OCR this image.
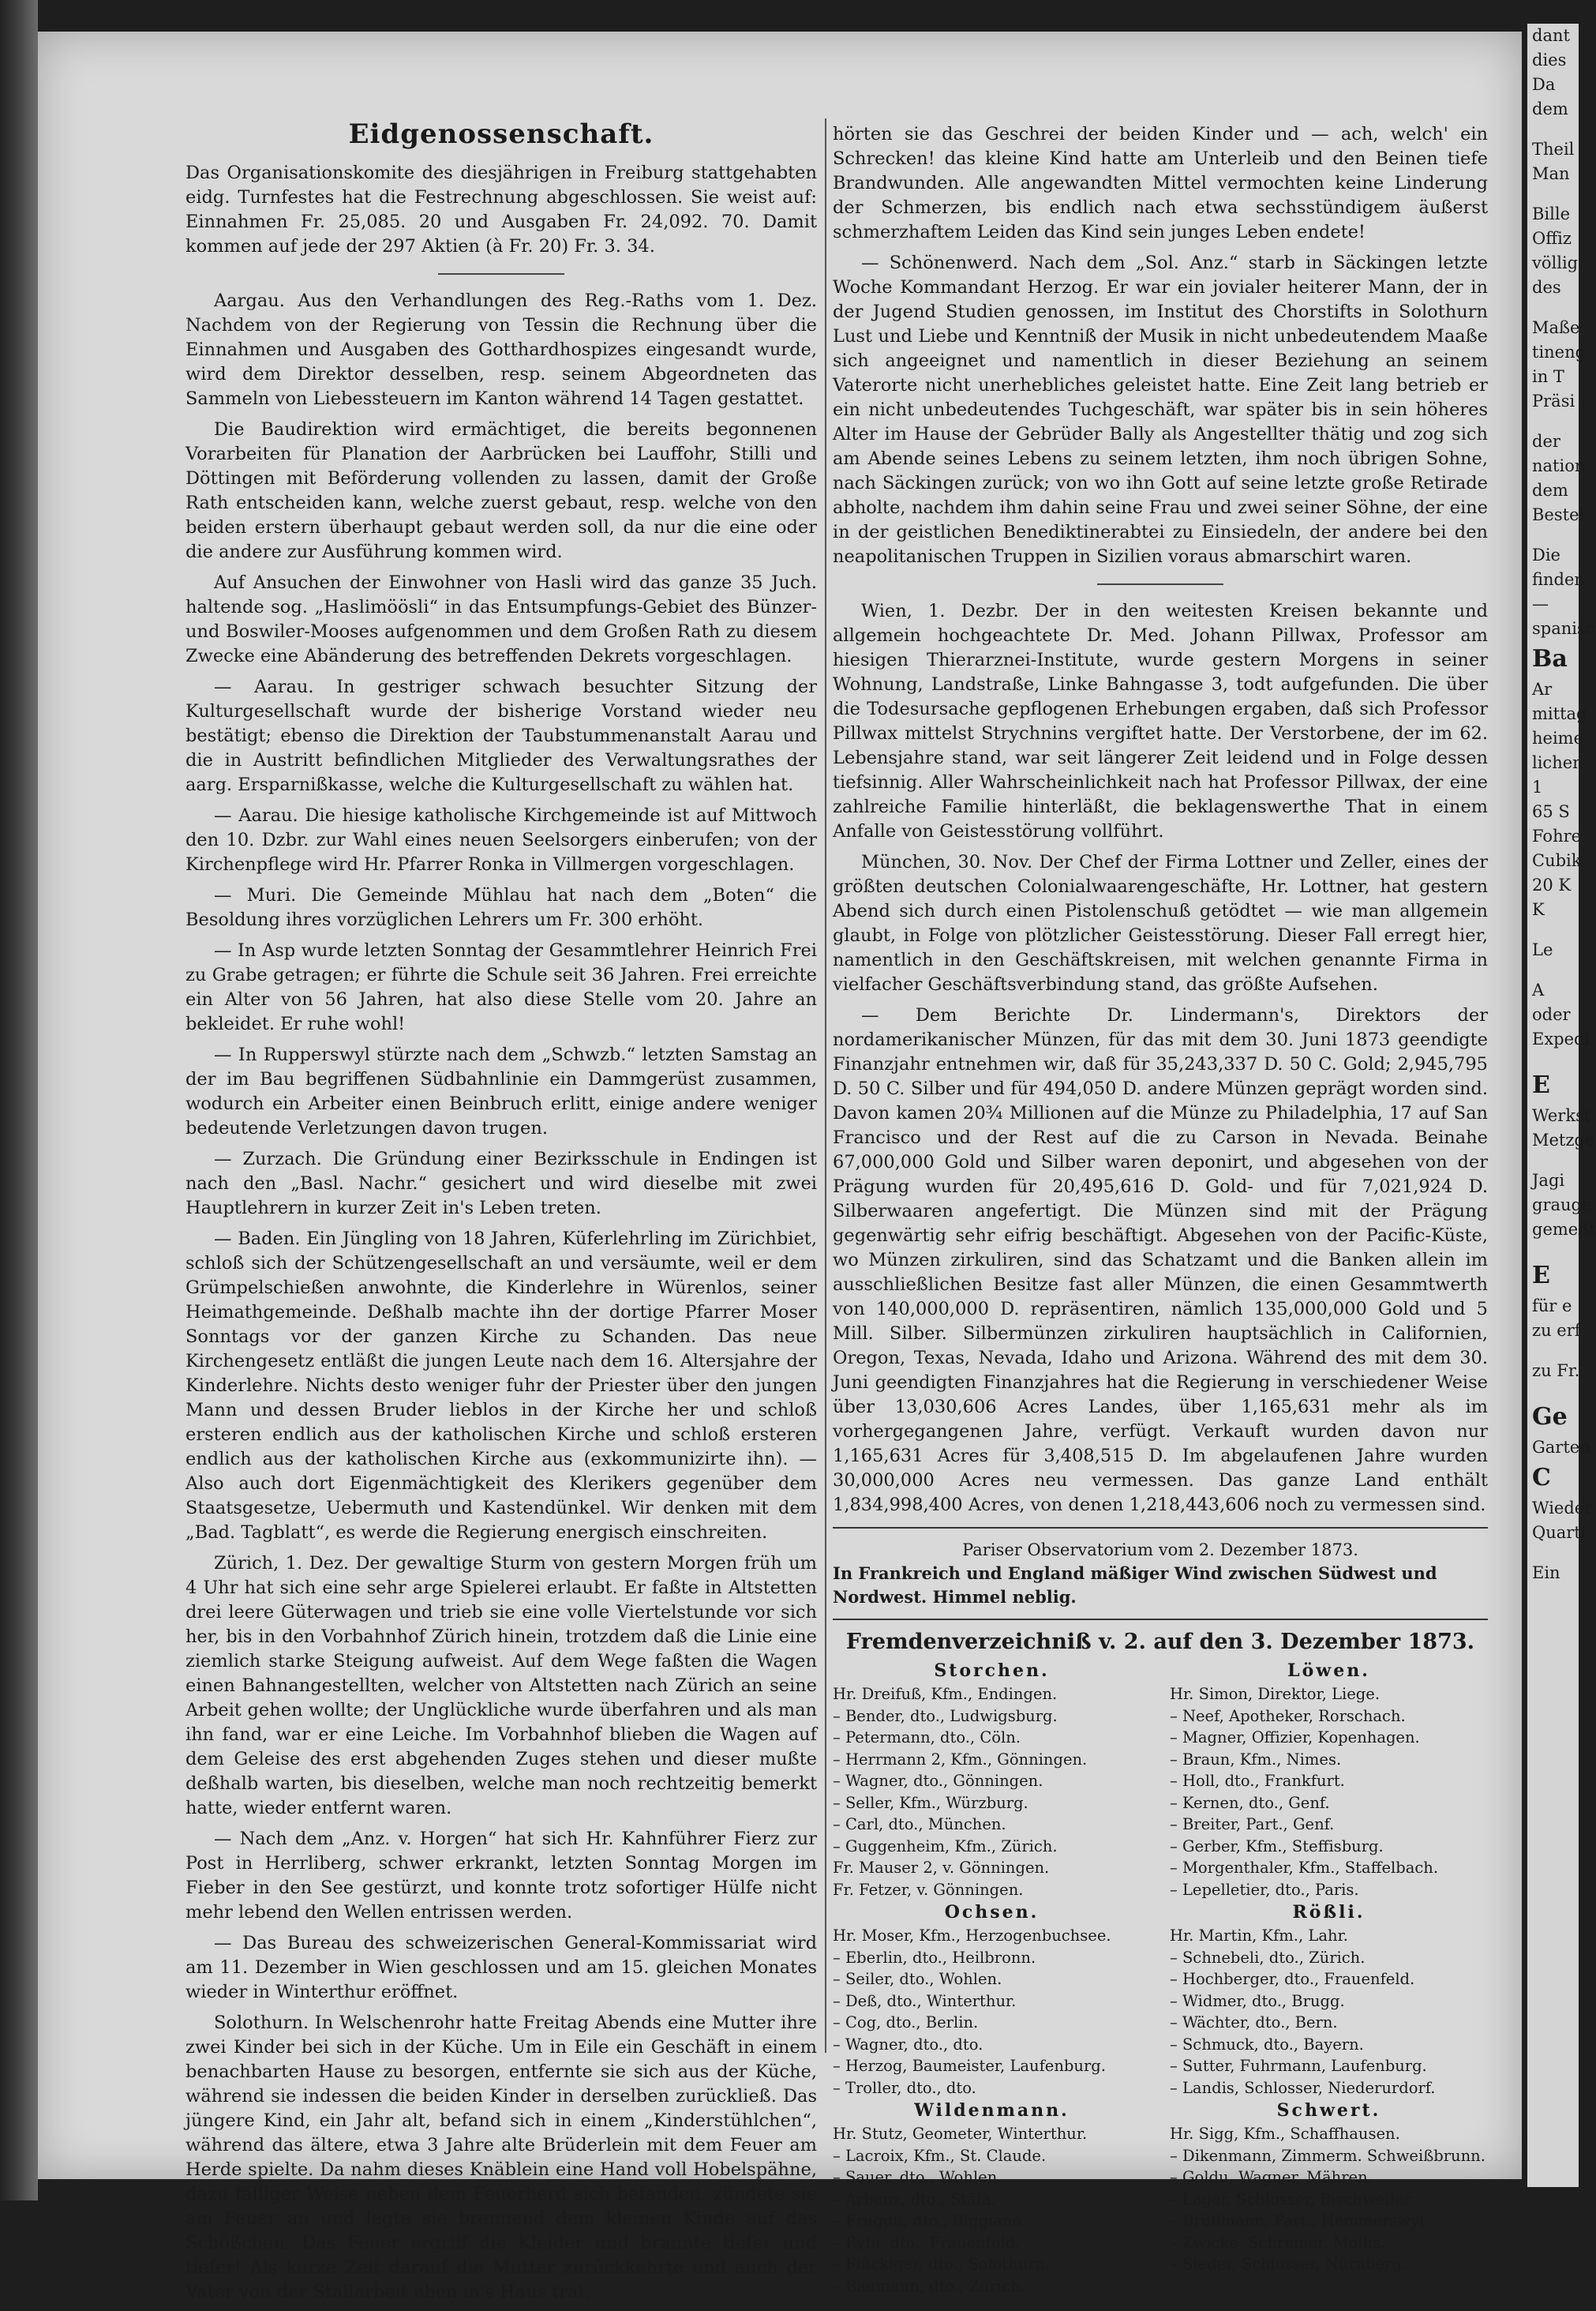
Eidgenossenschaft.

Das Organisationskomite des diesjährigen in Freiburg stattgehabten eidg. Turnfestes hat die Festrechnung abgeschlossen. Sie weist auf: Einnahmen Fr. 25,085. 20 und Ausgaben Fr. 24,092. 70. Damit kommen auf jede der 297 Aktien (à Fr. 20) Fr. 3. 34.

Aargau. Aus den Verhandlungen des Reg.-Raths vom 1. Dez. Nachdem von der Regierung von Tessin die Rechnung über die Einnahmen und Ausgaben des Gotthardhospizes eingesandt wurde, wird dem Direktor desselben, resp. seinem Abgeordneten das Sammeln von Liebessteuern im Kanton während 14 Tagen gestattet.

Die Baudirektion wird ermächtiget, die bereits begonnenen Vorarbeiten für Planation der Aarbrücken bei Lauffohr, Stilli und Döttingen mit Beförderung vollenden zu lassen, damit der Große Rath entscheiden kann, welche zuerst gebaut, resp. welche von den beiden erstern überhaupt gebaut werden soll, da nur die eine oder die andere zur Ausführung kommen wird.

Auf Ansuchen der Einwohner von Hasli wird das ganze 35 Juch. haltende sog. „Haslimöösli“ in das Entsumpfungs-Gebiet des Bünzer- und Boswiler-Mooses aufgenommen und dem Großen Rath zu diesem Zwecke eine Abänderung des betreffenden Dekrets vorgeschlagen.

— Aarau. In gestriger schwach besuchter Sitzung der Kulturgesellschaft wurde der bisherige Vorstand wieder neu bestätigt; ebenso die Direktion der Taubstummenanstalt Aarau und die in Austritt befindlichen Mitglieder des Verwaltungsrathes der aarg. Ersparnißkasse, welche die Kulturgesellschaft zu wählen hat.

— Aarau. Die hiesige katholische Kirchgemeinde ist auf Mittwoch den 10. Dzbr. zur Wahl eines neuen Seelsorgers einberufen; von der Kirchenpflege wird Hr. Pfarrer Ronka in Villmergen vorgeschlagen.

— Muri. Die Gemeinde Mühlau hat nach dem „Boten“ die Besoldung ihres vorzüglichen Lehrers um Fr. 300 erhöht.

— In Asp wurde letzten Sonntag der Gesammtlehrer Heinrich Frei zu Grabe getragen; er führte die Schule seit 36 Jahren. Frei erreichte ein Alter von 56 Jahren, hat also diese Stelle vom 20. Jahre an bekleidet. Er ruhe wohl!

— In Rupperswyl stürzte nach dem „Schwzb.“ letzten Samstag an der im Bau begriffenen Südbahnlinie ein Dammgerüst zusammen, wodurch ein Arbeiter einen Beinbruch erlitt, einige andere weniger bedeutende Verletzungen davon trugen.

— Zurzach. Die Gründung einer Bezirksschule in Endingen ist nach den „Basl. Nachr.“ gesichert und wird dieselbe mit zwei Hauptlehrern in kurzer Zeit in's Leben treten.

— Baden. Ein Jüngling von 18 Jahren, Küferlehrling im Zürichbiet, schloß sich der Schützengesellschaft an und versäumte, weil er dem Grümpelschießen anwohnte, die Kinderlehre in Würenlos, seiner Heimathgemeinde. Deßhalb machte ihn der dortige Pfarrer Moser Sonntags vor der ganzen Kirche zu Schanden. Das neue Kirchengesetz entläßt die jungen Leute nach dem 16. Altersjahre der Kinderlehre. Nichts desto weniger fuhr der Priester über den jungen Mann und dessen Bruder lieblos in der Kirche her und schloß ersteren endlich aus der katholischen Kirche und schloß ersteren endlich aus der katholischen Kirche aus (exkommunizirte ihn). — Also auch dort Eigenmächtigkeit des Klerikers gegenüber dem Staatsgesetze, Uebermuth und Kastendünkel. Wir denken mit dem „Bad. Tagblatt“, es werde die Regierung energisch einschreiten.

Zürich, 1. Dez. Der gewaltige Sturm von gestern Morgen früh um 4 Uhr hat sich eine sehr arge Spielerei erlaubt. Er faßte in Altstetten drei leere Güterwagen und trieb sie eine volle Viertelstunde vor sich her, bis in den Vorbahnhof Zürich hinein, trotzdem daß die Linie eine ziemlich starke Steigung aufweist. Auf dem Wege faßten die Wagen einen Bahnangestellten, welcher von Altstetten nach Zürich an seine Arbeit gehen wollte; der Unglückliche wurde überfahren und als man ihn fand, war er eine Leiche. Im Vorbahnhof blieben die Wagen auf dem Geleise des erst abgehenden Zuges stehen und dieser mußte deßhalb warten, bis dieselben, welche man noch rechtzeitig bemerkt hatte, wieder entfernt waren.

— Nach dem „Anz. v. Horgen“ hat sich Hr. Kahnführer Fierz zur Post in Herrliberg, schwer erkrankt, letzten Sonntag Morgen im Fieber in den See gestürzt, und konnte trotz sofortiger Hülfe nicht mehr lebend den Wellen entrissen werden.

— Das Bureau des schweizerischen General-Kommissariat wird am 11. Dezember in Wien geschlossen und am 15. gleichen Monates wieder in Winterthur eröffnet.

Solothurn. In Welschenrohr hatte Freitag Abends eine Mutter ihre zwei Kinder bei sich in der Küche. Um in Eile ein Geschäft in einem benachbarten Hause zu besorgen, entfernte sie sich aus der Küche, während sie indessen die beiden Kinder in derselben zurückließ. Das jüngere Kind, ein Jahr alt, befand sich in einem „Kinderstühlchen“, während das ältere, etwa 3 Jahre alte Brüderlein mit dem Feuer am Herde spielte. Da nahm dieses Knäblein eine Hand voll Hobelspähne, dazu fälliger Weise neben dem Feuerherd sich befanden, zündete sie am Feuer an und legte sie brennend dem kleinen Kinde auf das Schößchen. Das Feuer ergriff die Kleider und brannte tiefer und tiefer! Als kurze Zeit darauf die Mutter zurückkehrte und auch der Vater von der Stallarbeit eben in's Haus trat,

hörten sie das Geschrei der beiden Kinder und — ach, welch' ein Schrecken! das kleine Kind hatte am Unterleib und den Beinen tiefe Brandwunden. Alle angewandten Mittel vermochten keine Linderung der Schmerzen, bis endlich nach etwa sechsstündigem äußerst schmerzhaftem Leiden das Kind sein junges Leben endete!

— Schönenwerd. Nach dem „Sol. Anz.“ starb in Säckingen letzte Woche Kommandant Herzog. Er war ein jovialer heiterer Mann, der in der Jugend Studien genossen, im Institut des Chorstifts in Solothurn Lust und Liebe und Kenntniß der Musik in nicht unbedeutendem Maaße sich angeeignet und namentlich in dieser Beziehung an seinem Vaterorte nicht unerhebliches geleistet hatte. Eine Zeit lang betrieb er ein nicht unbedeutendes Tuchgeschäft, war später bis in sein höheres Alter im Hause der Gebrüder Bally als Angestellter thätig und zog sich am Abende seines Lebens zu seinem letzten, ihm noch übrigen Sohne, nach Säckingen zurück; von wo ihn Gott auf seine letzte große Retirade abholte, nachdem ihm dahin seine Frau und zwei seiner Söhne, der eine in der geistlichen Benediktinerabtei zu Einsiedeln, der andere bei den neapolitanischen Truppen in Sizilien voraus abmarschirt waren.

Wien, 1. Dezbr. Der in den weitesten Kreisen bekannte und allgemein hochgeachtete Dr. Med. Johann Pillwax, Professor am hiesigen Thierarznei-Institute, wurde gestern Morgens in seiner Wohnung, Landstraße, Linke Bahngasse 3, todt aufgefunden. Die über die Todesursache gepflogenen Erhebungen ergaben, daß sich Professor Pillwax mittelst Strychnins vergiftet hatte. Der Verstorbene, der im 62. Lebensjahre stand, war seit längerer Zeit leidend und in Folge dessen tiefsinnig. Aller Wahrscheinlichkeit nach hat Professor Pillwax, der eine zahlreiche Familie hinterläßt, die beklagenswerthe That in einem Anfalle von Geistesstörung vollführt.

München, 30. Nov. Der Chef der Firma Lottner und Zeller, eines der größten deutschen Colonialwaarengeschäfte, Hr. Lottner, hat gestern Abend sich durch einen Pistolenschuß getödtet — wie man allgemein glaubt, in Folge von plötzlicher Geistesstörung. Dieser Fall erregt hier, namentlich in den Geschäftskreisen, mit welchen genannte Firma in vielfacher Geschäftsverbindung stand, das größte Aufsehen.

— Dem Berichte Dr. Lindermann's, Direktors der nordamerikanischer Münzen, für das mit dem 30. Juni 1873 geendigte Finanzjahr entnehmen wir, daß für 35,243,337 D. 50 C. Gold; 2,945,795 D. 50 C. Silber und für 494,050 D. andere Münzen geprägt worden sind. Davon kamen 20¾ Millionen auf die Münze zu Philadelphia, 17 auf San Francisco und der Rest auf die zu Carson in Nevada. Beinahe 67,000,000 Gold und Silber waren deponirt, und abgesehen von der Prägung wurden für 20,495,616 D. Gold- und für 7,021,924 D. Silberwaaren angefertigt. Die Münzen sind mit der Prägung gegenwärtig sehr eifrig beschäftigt. Abgesehen von der Pacific-Küste, wo Münzen zirkuliren, sind das Schatzamt und die Banken allein im ausschließlichen Besitze fast aller Münzen, die einen Gesammtwerth von 140,000,000 D. repräsentiren, nämlich 135,000,000 Gold und 5 Mill. Silber. Silbermünzen zirkuliren hauptsächlich in Californien, Oregon, Texas, Nevada, Idaho und Arizona. Während des mit dem 30. Juni geendigten Finanzjahres hat die Regierung in verschiedener Weise über 13,030,606 Acres Landes, über 1,165,631 mehr als im vorhergegangenen Jahre, verfügt. Verkauft wurden davon nur 1,165,631 Acres für 3,408,515 D. Im abgelaufenen Jahre wurden 30,000,000 Acres neu vermessen. Das ganze Land enthält 1,834,998,400 Acres, von denen 1,218,443,606 noch zu vermessen sind.

Pariser Observatorium vom 2. Dezember 1873.
In Frankreich und England mäßiger Wind zwischen Südwest und Nordwest. Himmel neblig.
Fremdenverzeichniß v. 2. auf den 3. Dezember 1873.
Storchen.
Hr. Dreifuß, Kfm., Endingen.
– Bender, dto., Ludwigsburg.
– Petermann, dto., Cöln.
– Herrmann 2, Kfm., Gönningen.
– Wagner, dto., Gönningen.
– Seller, Kfm., Würzburg.
– Carl, dto., München.
– Guggenheim, Kfm., Zürich.
Fr. Mauser 2, v. Gönningen.
Fr. Fetzer, v. Gönningen.
Ochsen.
Hr. Moser, Kfm., Herzogenbuchsee.
– Eberlin, dto., Heilbronn.
– Seiler, dto., Wohlen.
– Deß, dto., Winterthur.
– Cog, dto., Berlin.
– Wagner, dto., dto.
– Herzog, Baumeister, Laufenburg.
– Troller, dto., dto.
Wildenmann.
Hr. Stutz, Geometer, Winterthur.
– Lacroix, Kfm., St. Claude.
– Sauer, dto., Wohlen.
– Arbenz, dto., Stäfa.
– Frugdu, dto., Biggiano.
– Rybi, dto., Frauenfeld.
– Flückiger, dto., Solothurn.
– Baumann, dto., Zürich.
Löwen.
Hr. Simon, Direktor, Liege.
– Neef, Apotheker, Rorschach.
– Magner, Offizier, Kopenhagen.
– Braun, Kfm., Nimes.
– Holl, dto., Frankfurt.
– Kernen, dto., Genf.
– Breiter, Part., Genf.
– Gerber, Kfm., Steffisburg.
– Morgenthaler, Kfm., Staffelbach.
– Lepelletier, dto., Paris.
Rößli.
Hr. Martin, Kfm., Lahr.
– Schnebeli, dto., Zürich.
– Hochberger, dto., Frauenfeld.
– Widmer, dto., Brugg.
– Wächter, dto., Bern.
– Schmuck, dto., Bayern.
– Sutter, Fuhrmann, Laufenburg.
– Landis, Schlosser, Niederurdorf.
Schwert.
Hr. Sigg, Kfm., Schaffhausen.
– Dikenmann, Zimmerm. Schweißbrunn.
– Goldu, Wagner, Mähren.
– Lager, Schlosser, Bischweiler.
– Brüllmann, Part., Hemmerswyl.
– Zwicke, Schreiner, Mollis.
– Sieder, Schlosser, Nürnberg.
dant
dies
Da
dem
Theil
Man
Bille
Offiz
völlig
des
Maße
tineng
in T
Präsi
der
nation
dem
Bestel
Die
finden
—
spanisc
Ba
Ar
mittag
heime
lichen
1
65 S
Fohre
Cubik
20 K
K
Le
A
oder
Expedi
E
Werkst
Metzge
Jagi
grauge
gemeßt
E
für e
zu erf
zu Fr.
Ge
Garten
C
Wieder
Quarti
Ein
